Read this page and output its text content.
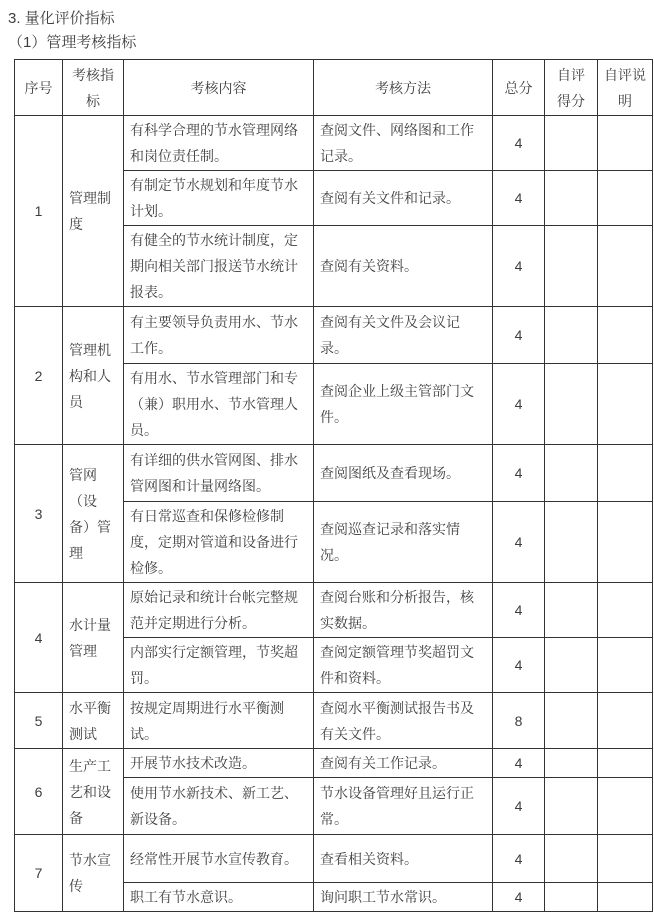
3. 量化评价指标
（1）管理考核指标
序号	考核指标	考核内容	考核方法	总分	自评得分	自评说明
1	管理制度	有科学合理的节水管理网络和岗位责任制。	查阅文件、网络图和工作记录。	4		
		有制定节水规划和年度节水计划。	查阅有关文件和记录。	4		
		有健全的节水统计制度，定期向相关部门报送节水统计报表。	查阅有关资料。	4		
2	管理机构和人员	有主要领导负责用水、节水工作。	查阅有关文件及会议记录。	4		
		有用水、节水管理部门和专（兼）职用水、节水管理人员。	查阅企业上级主管部门文件。	4		
3	管网（设备）管理	有详细的供水管网图、排水管网图和计量网络图。	查阅图纸及查看现场。	4		
		有日常巡查和保修检修制度，定期对管道和设备进行检修。	查阅巡查记录和落实情况。	4		
4	水计量管理	原始记录和统计台帐完整规范并定期进行分析。	查阅台账和分析报告，核实数据。	4		
		内部实行定额管理，节奖超罚。	查阅定额管理节奖超罚文件和资料。	4		
5	水平衡测试	按规定周期进行水平衡测试。	查阅水平衡测试报告书及有关文件。	8		
6	生产工艺和设备	开展节水技术改造。	查阅有关工作记录。	4		
		使用节水新技术、新工艺、新设备。	节水设备管理好且运行正常。	4		
7	节水宣传	经常性开展节水宣传教育。	查看相关资料。	4		
		职工有节水意识。	询问职工节水常识。	4		
